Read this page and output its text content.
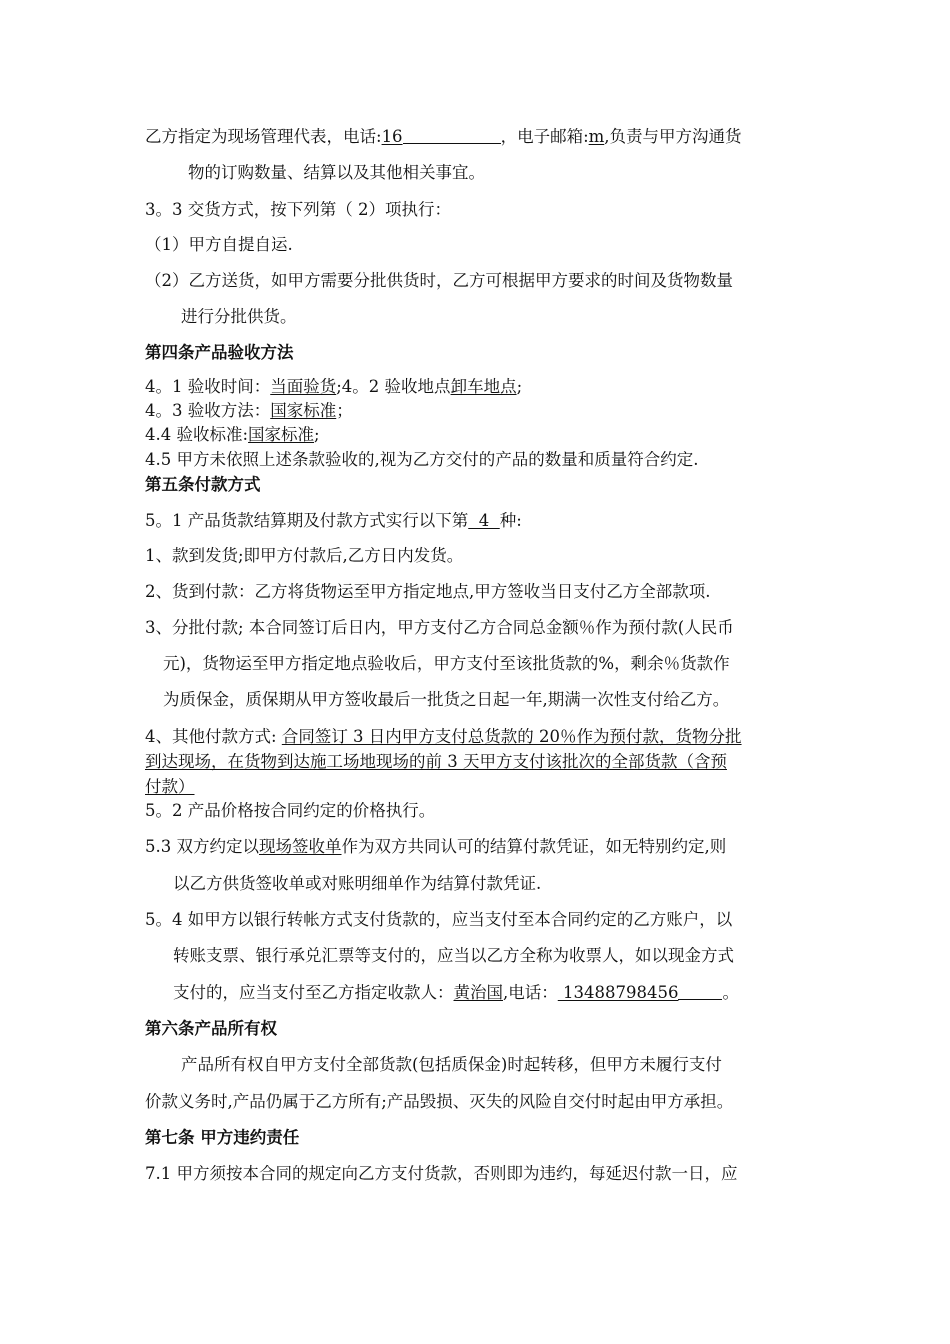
乙方指定为现场管理代表，电话:16	，电子邮箱:m,负责与甲方沟通货
物的订购数量、结算以及其他相关事宜。
3。3 交货方式，按下列第（ 2）项执行：
（1）甲方自提自运.
（2）乙方送货，如甲方需要分批供货时，乙方可根据甲方要求的时间及货物数量
进行分批供货。
第四条产品验收方法
4。1 验收时间：当面验货;4。2 验收地点卸车地点;
4。3 验收方法：国家标准；
4.4 验收标准:国家标准;
4.5 甲方未依照上述条款验收的,视为乙方交付的产品的数量和质量符合约定.
第五条付款方式
5。1 产品货款结算期及付款方式实行以下第  4  种:
1、款到发货;即甲方付款后,乙方日内发货。
2、货到付款：乙方将货物运至甲方指定地点,甲方签收当日支付乙方全部款项.
3、分批付款; 本合同签订后日内，甲方支付乙方合同总金额％作为预付款(人民币
元)，货物运至甲方指定地点验收后，甲方支付至该批货款的%，剩余％货款作
为质保金，质保期从甲方签收最后一批货之日起一年,期满一次性支付给乙方。
4、其他付款方式: 合同签订 3 日内甲方支付总货款的 20％作为预付款，货物分批
到达现场，在货物到达施工场地现场的前 3 天甲方支付该批次的全部货款（含预
付款）
5。2 产品价格按合同约定的价格执行。
5.3 双方约定以现场签收单作为双方共同认可的结算付款凭证，如无特别约定,则
以乙方供货签收单或对账明细单作为结算付款凭证.
5。4 如甲方以银行转帐方式支付货款的，应当支付至本合同约定的乙方账户，以
转账支票、银行承兑汇票等支付的，应当以乙方全称为收票人，如以现金方式
支付的，应当支付至乙方指定收款人：黄治国,电话： 13488798456	。
第六条产品所有权
产品所有权自甲方支付全部货款(包括质保金)时起转移，但甲方未履行支付
价款义务时,产品仍属于乙方所有;产品毁损、灭失的风险自交付时起由甲方承担。
第七条 甲方违约责任
7.1 甲方须按本合同的规定向乙方支付货款，否则即为违约，每延迟付款一日，应
